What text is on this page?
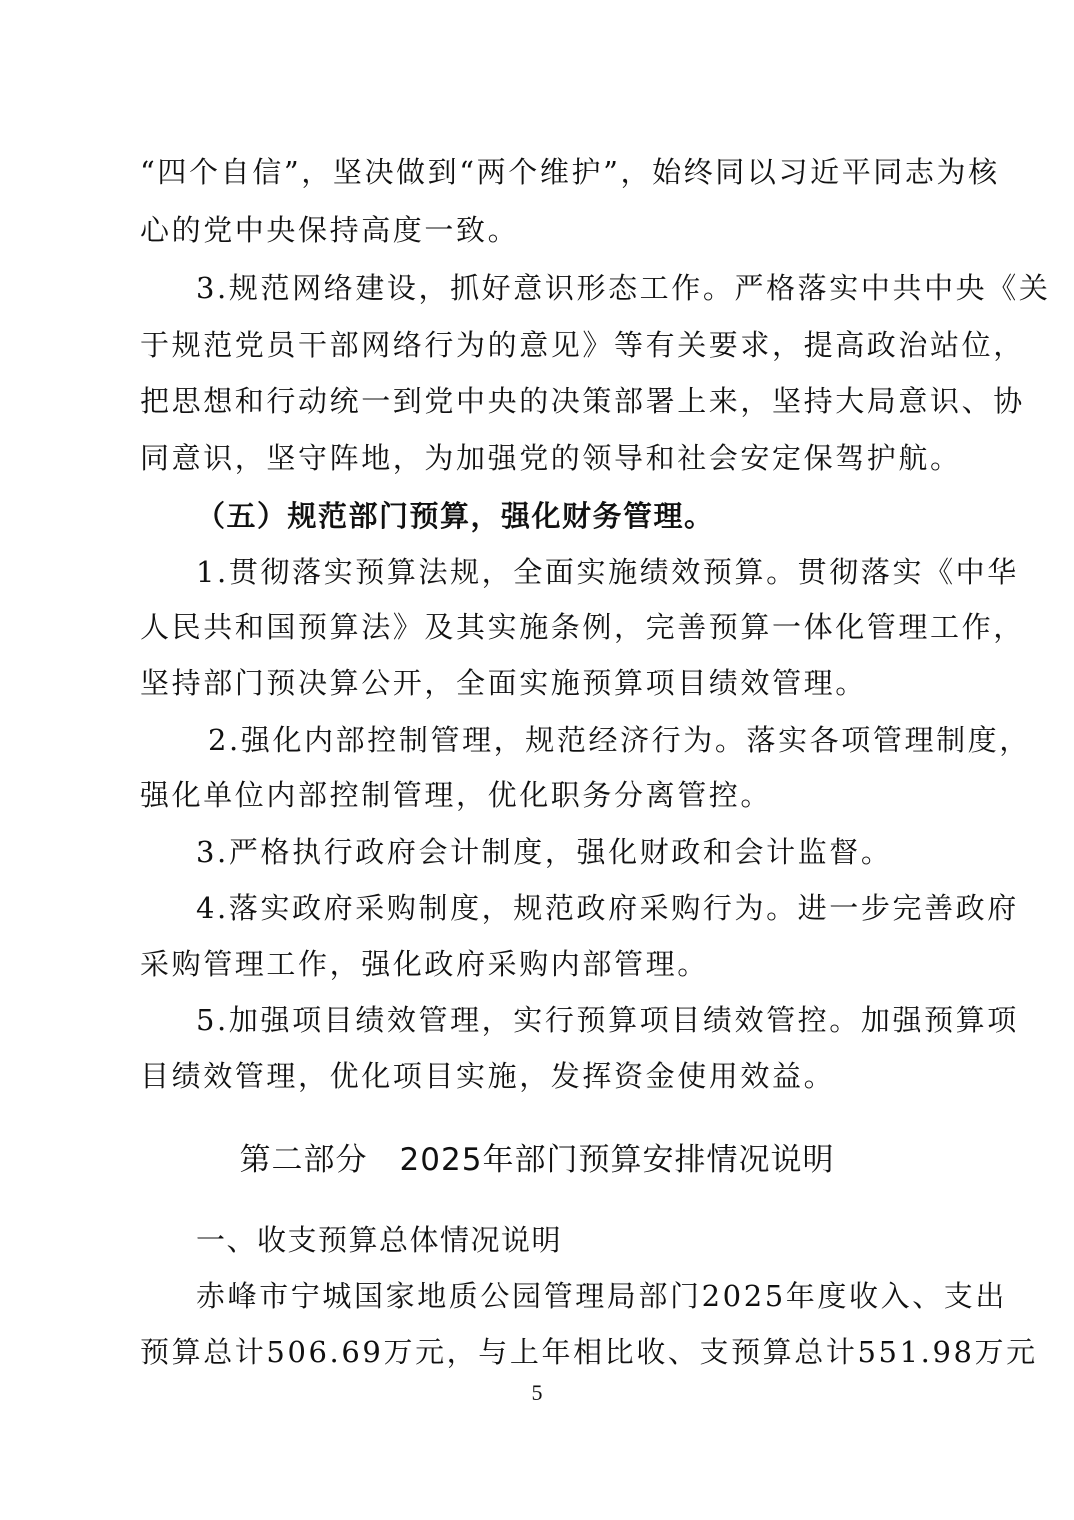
“四个自信”，坚决做到“两个维护”，始终同以习近平同志为核
心的党中央保持高度一致。
3.规范网络建设，抓好意识形态工作。严格落实中共中央《关
于规范党员干部网络行为的意见》等有关要求，提高政治站位，
把思想和行动统一到党中央的决策部署上来，坚持大局意识、协
同意识，坚守阵地，为加强党的领导和社会安定保驾护航。
（五）规范部门预算，强化财务管理。
1.贯彻落实预算法规，全面实施绩效预算。贯彻落实《中华
人民共和国预算法》及其实施条例，完善预算一体化管理工作，
坚持部门预决算公开，全面实施预算项目绩效管理。
2.强化内部控制管理，规范经济行为。落实各项管理制度，
强化单位内部控制管理，优化职务分离管控。
3.严格执行政府会计制度，强化财政和会计监督。
4.落实政府采购制度，规范政府采购行为。进一步完善政府
采购管理工作，强化政府采购内部管理。
5.加强项目绩效管理，实行预算项目绩效管控。加强预算项
目绩效管理，优化项目实施，发挥资金使用效益。
第二部分　2025年部门预算安排情况说明
一、收支预算总体情况说明
赤峰市宁城国家地质公园管理局部门2025年度收入、支出
预算总计506.69万元，与上年相比收、支预算总计551.98万元
5
